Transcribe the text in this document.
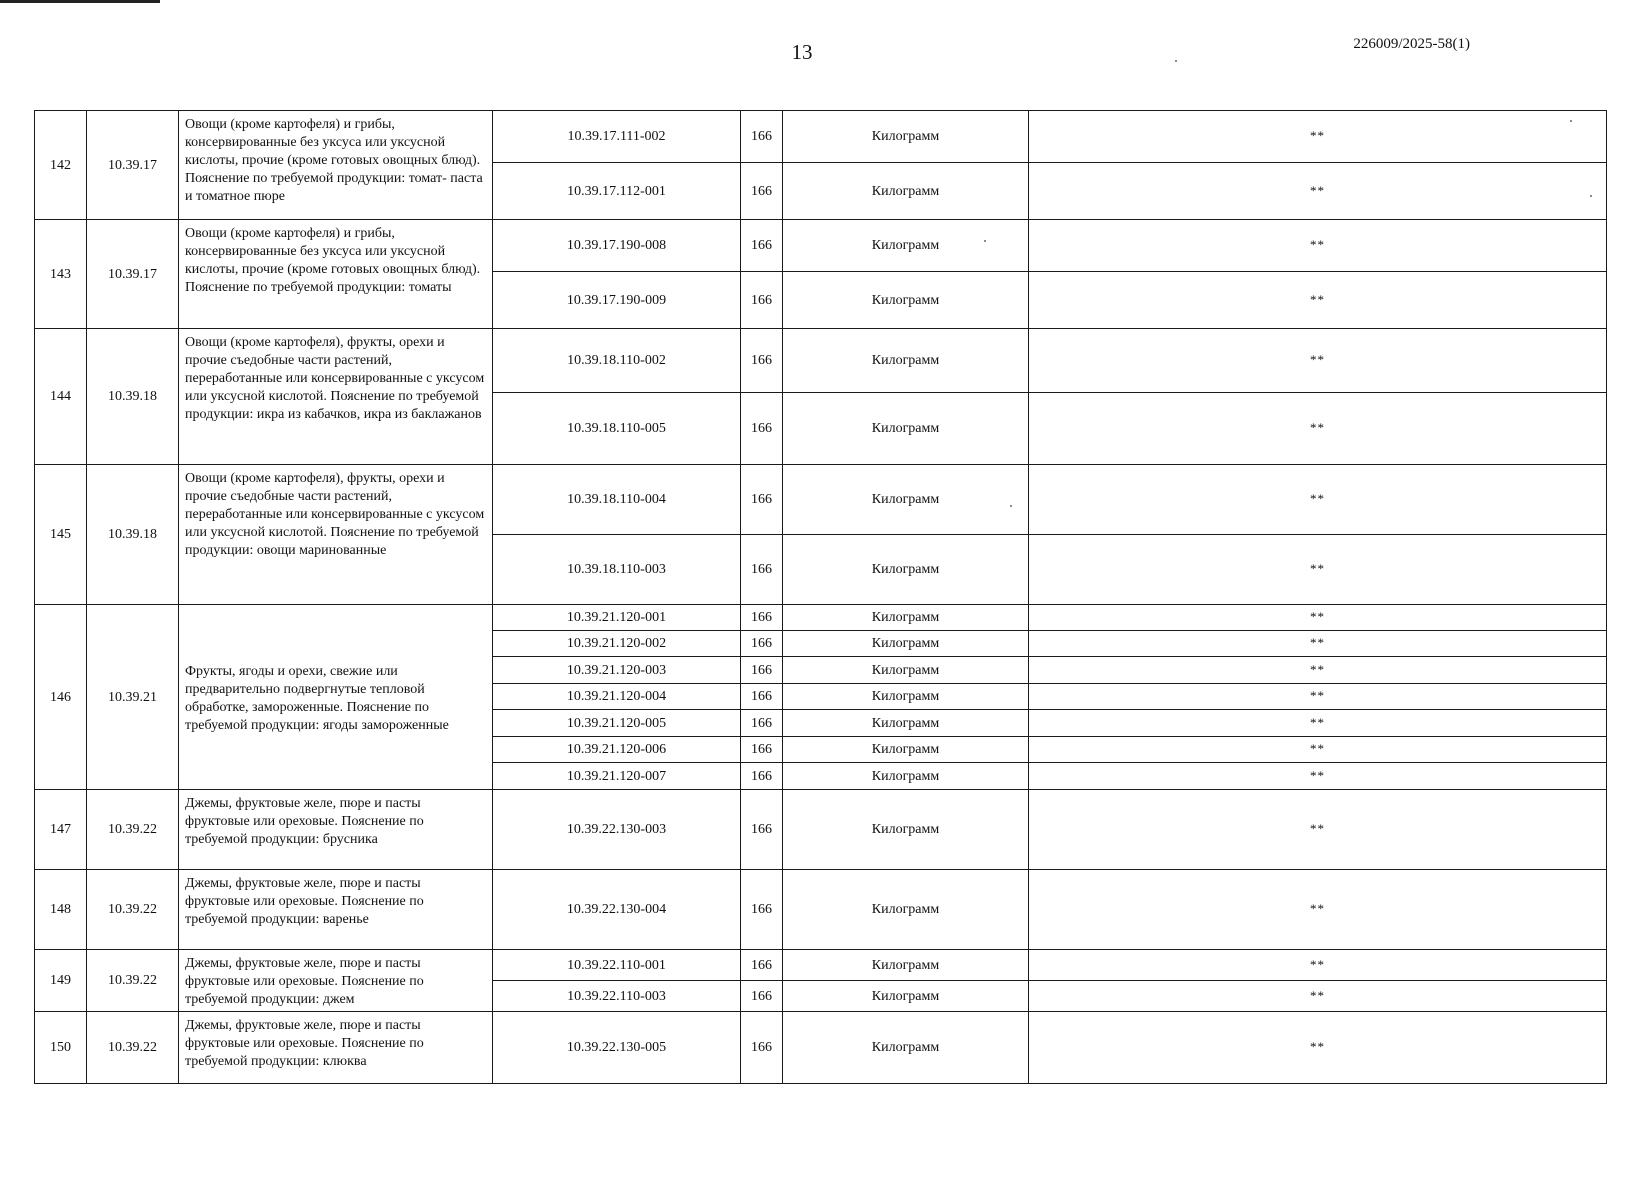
13	226009/2025-58(1)
142	10.39.17	Овощи (кроме картофеля) и грибы, консервированные без уксуса или уксусной кислоты, прочие (кроме готовых овощных блюд). Пояснение по требуемой продукции: томат- паста и томатное пюре	10.39.17.111-002	166	Килограмм	**
			10.39.17.112-001	166	Килограмм	**
143	10.39.17	Овощи (кроме картофеля) и грибы, консервированные без уксуса или уксусной кислоты, прочие (кроме готовых овощных блюд). Пояснение по требуемой продукции: томаты	10.39.17.190-008	166	Килограмм	**
			10.39.17.190-009	166	Килограмм	**
144	10.39.18	Овощи (кроме картофеля), фрукты, орехи и прочие съедобные части растений, переработанные или консервированные с уксусом или уксусной кислотой. Пояснение по требуемой продукции: икра из кабачков, икра из баклажанов	10.39.18.110-002	166	Килограмм	**
			10.39.18.110-005	166	Килограмм	**
145	10.39.18	Овощи (кроме картофеля), фрукты, орехи и прочие съедобные части растений, переработанные или консервированные с уксусом или уксусной кислотой. Пояснение по требуемой продукции: овощи маринованные	10.39.18.110-004	166	Килограмм	**
			10.39.18.110-003	166	Килограмм	**
146	10.39.21	Фрукты, ягоды и орехи, свежие или предварительно подвергнутые тепловой обработке, замороженные. Пояснение по требуемой продукции: ягоды замороженные	10.39.21.120-001	166	Килограмм	**
			10.39.21.120-002	166	Килограмм	**
			10.39.21.120-003	166	Килограмм	**
			10.39.21.120-004	166	Килограмм	**
			10.39.21.120-005	166	Килограмм	**
			10.39.21.120-006	166	Килограмм	**
			10.39.21.120-007	166	Килограмм	**
147	10.39.22	Джемы, фруктовые желе, пюре и пасты фруктовые или ореховые. Пояснение по требуемой продукции: брусника	10.39.22.130-003	166	Килограмм	**
148	10.39.22	Джемы, фруктовые желе, пюре и пасты фруктовые или ореховые. Пояснение по требуемой продукции: варенье	10.39.22.130-004	166	Килограмм	**
149	10.39.22	Джемы, фруктовые желе, пюре и пасты фруктовые или ореховые. Пояснение по требуемой продукции: джем	10.39.22.110-001	166	Килограмм	**
			10.39.22.110-003	166	Килограмм	**
150	10.39.22	Джемы, фруктовые желе, пюре и пасты фруктовые или ореховые. Пояснение по требуемой продукции: клюква	10.39.22.130-005	166	Килограмм	**
